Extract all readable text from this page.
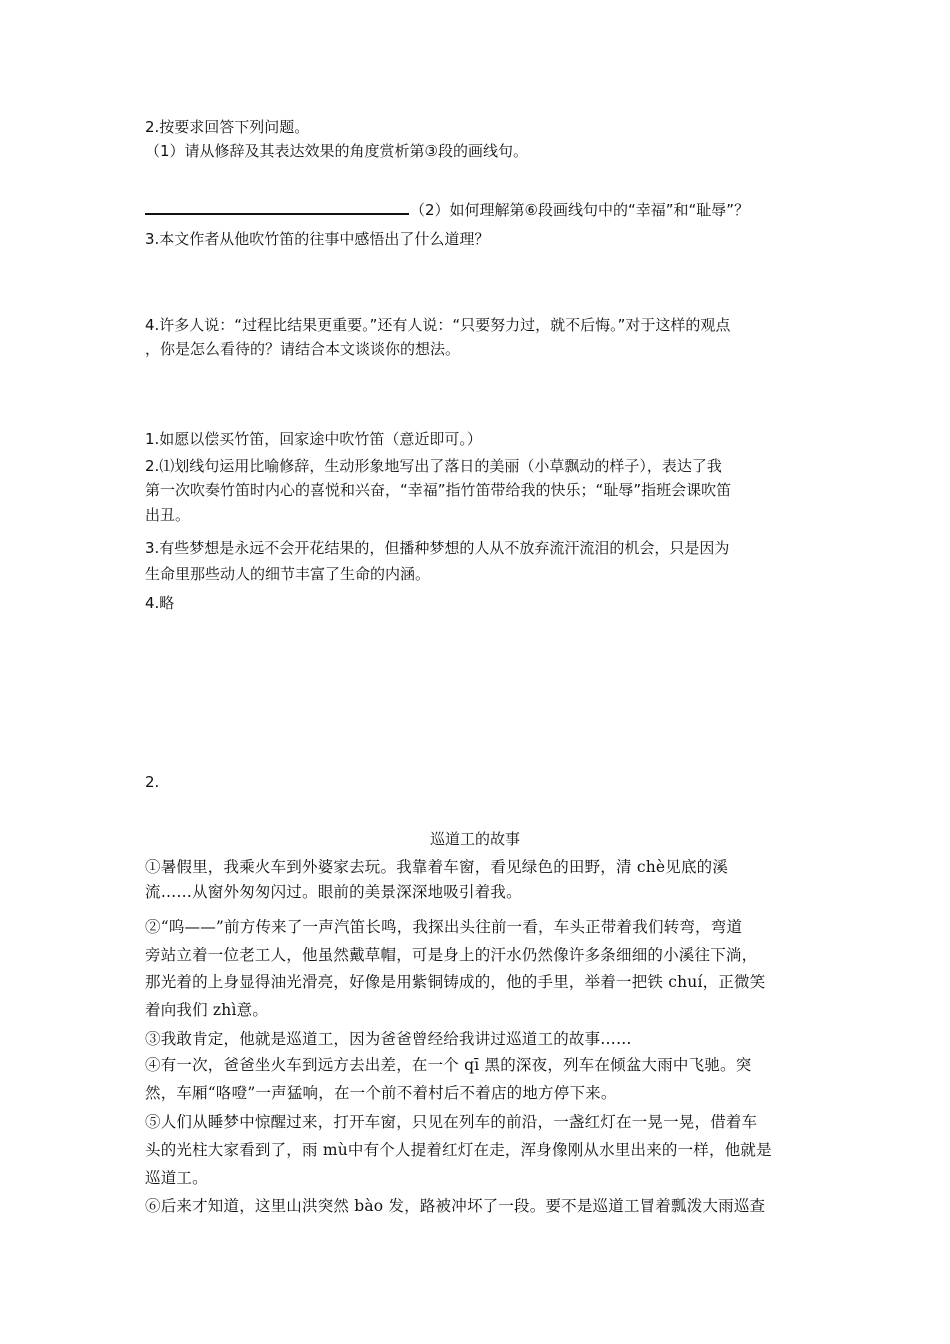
2.按要求回答下列问题。
（1）请从修辞及其表达效果的角度赏析第③段的画线句。
（2）如何理解第⑥段画线句中的“幸福”和“耻辱”？
3.本文作者从他吹竹笛的往事中感悟出了什么道理？
4.许多人说：“过程比结果更重要。”还有人说：“只要努力过，就不后悔。”对于这样的观点
，你是怎么看待的？请结合本文谈谈你的想法。
1.如愿以偿买竹笛，回家途中吹竹笛（意近即可。）
2.⑴划线句运用比喻修辞，生动形象地写出了落日的美丽（小草飘动的样子），表达了我
第一次吹奏竹笛时内心的喜悦和兴奋，“幸福”指竹笛带给我的快乐；“耻辱”指班会课吹笛
出丑。
3.有些梦想是永远不会开花结果的，但播种梦想的人从不放弃流汗流泪的机会，只是因为
生命里那些动人的细节丰富了生命的内涵。
4.略
2.
巡道工的故事
①暑假里，我乘火车到外婆家去玩。我靠着车窗，看见绿色的田野，清 chè见底的溪
流……从窗外匆匆闪过。眼前的美景深深地吸引着我。
②“呜——”前方传来了一声汽笛长鸣，我探出头往前一看，车头正带着我们转弯，弯道
旁站立着一位老工人，他虽然戴草帽，可是身上的汗水仍然像许多条细细的小溪往下淌，
那光着的上身显得油光滑亮，好像是用紫铜铸成的，他的手里，举着一把铁 chuí，正微笑
着向我们 zhì意。
③我敢肯定，他就是巡道工，因为爸爸曾经给我讲过巡道工的故事……
④有一次，爸爸坐火车到远方去出差，在一个 qī 黑的深夜，列车在倾盆大雨中飞驰。突
然，车厢“咯噔”一声猛响，在一个前不着村后不着店的地方停下来。
⑤人们从睡梦中惊醒过来，打开车窗，只见在列车的前沿，一盏红灯在一晃一晃，借着车
头的光柱大家看到了，雨 mù中有个人提着红灯在走，浑身像刚从水里出来的一样，他就是
巡道工。
⑥后来才知道，这里山洪突然 bào 发，路被冲坏了一段。要不是巡道工冒着瓢泼大雨巡查
